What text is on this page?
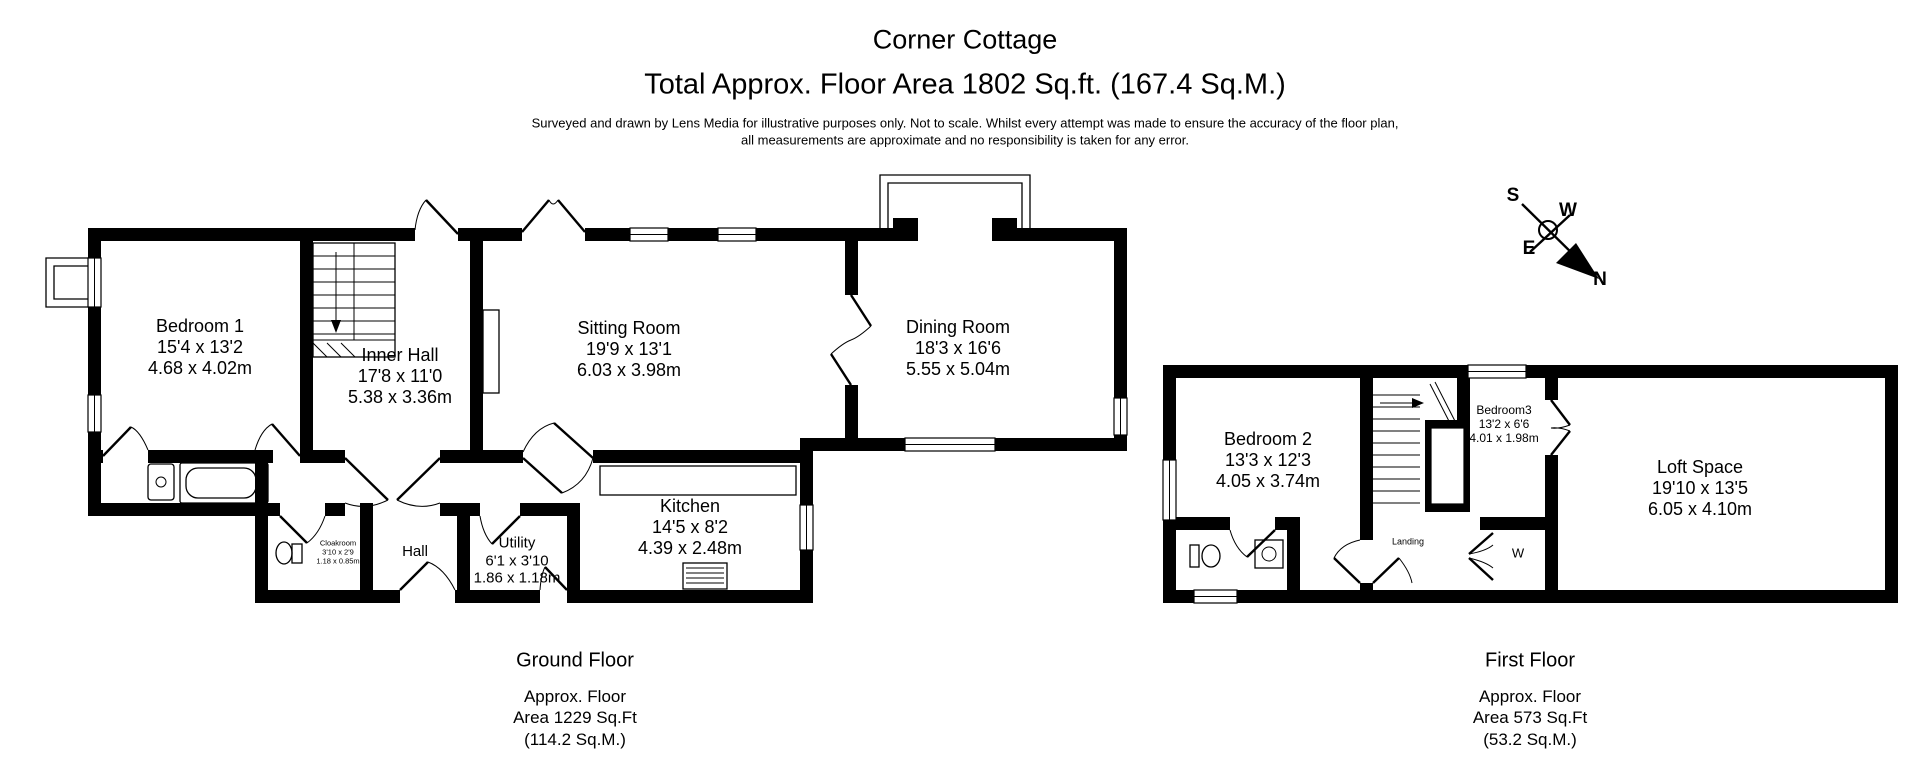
Corner Cottage
Total Approx. Floor Area 1802 Sq.ft. (167.4 Sq.M.)
Surveyed and drawn by Lens Media for illustrative purposes only. Not to scale. Whilst every attempt was made to ensure the accuracy of the floor plan,
all measurements are approximate and no responsibility is taken for any error.
S
W
E
N
Bedroom 1
15'4 x 13'2
4.68 x 4.02m
Inner Hall
17'8 x 11'0
5.38 x 3.36m
Sitting Room
19'9 x 13'1
6.03 x 3.98m
Dining Room
18'3 x 16'6
5.55 x 5.04m
Kitchen
14'5 x 8'2
4.39 x 2.48m
Utility
6'1 x 3'10
1.86 x 1.18m
Hall
Cloakroom
3'10 x 2'9
1.18 x 0.85m
Bedroom 2
13'3 x 12'3
4.05 x 3.74m
Bedroom3
13'2 x 6'6
4.01 x 1.98m
Loft Space
19'10 x 13'5
6.05 x 4.10m
Landing
W
Ground Floor
Approx. Floor
Area 1229 Sq.Ft
(114.2 Sq.M.)
First Floor
Approx. Floor
Area 573 Sq.Ft
(53.2 Sq.M.)
